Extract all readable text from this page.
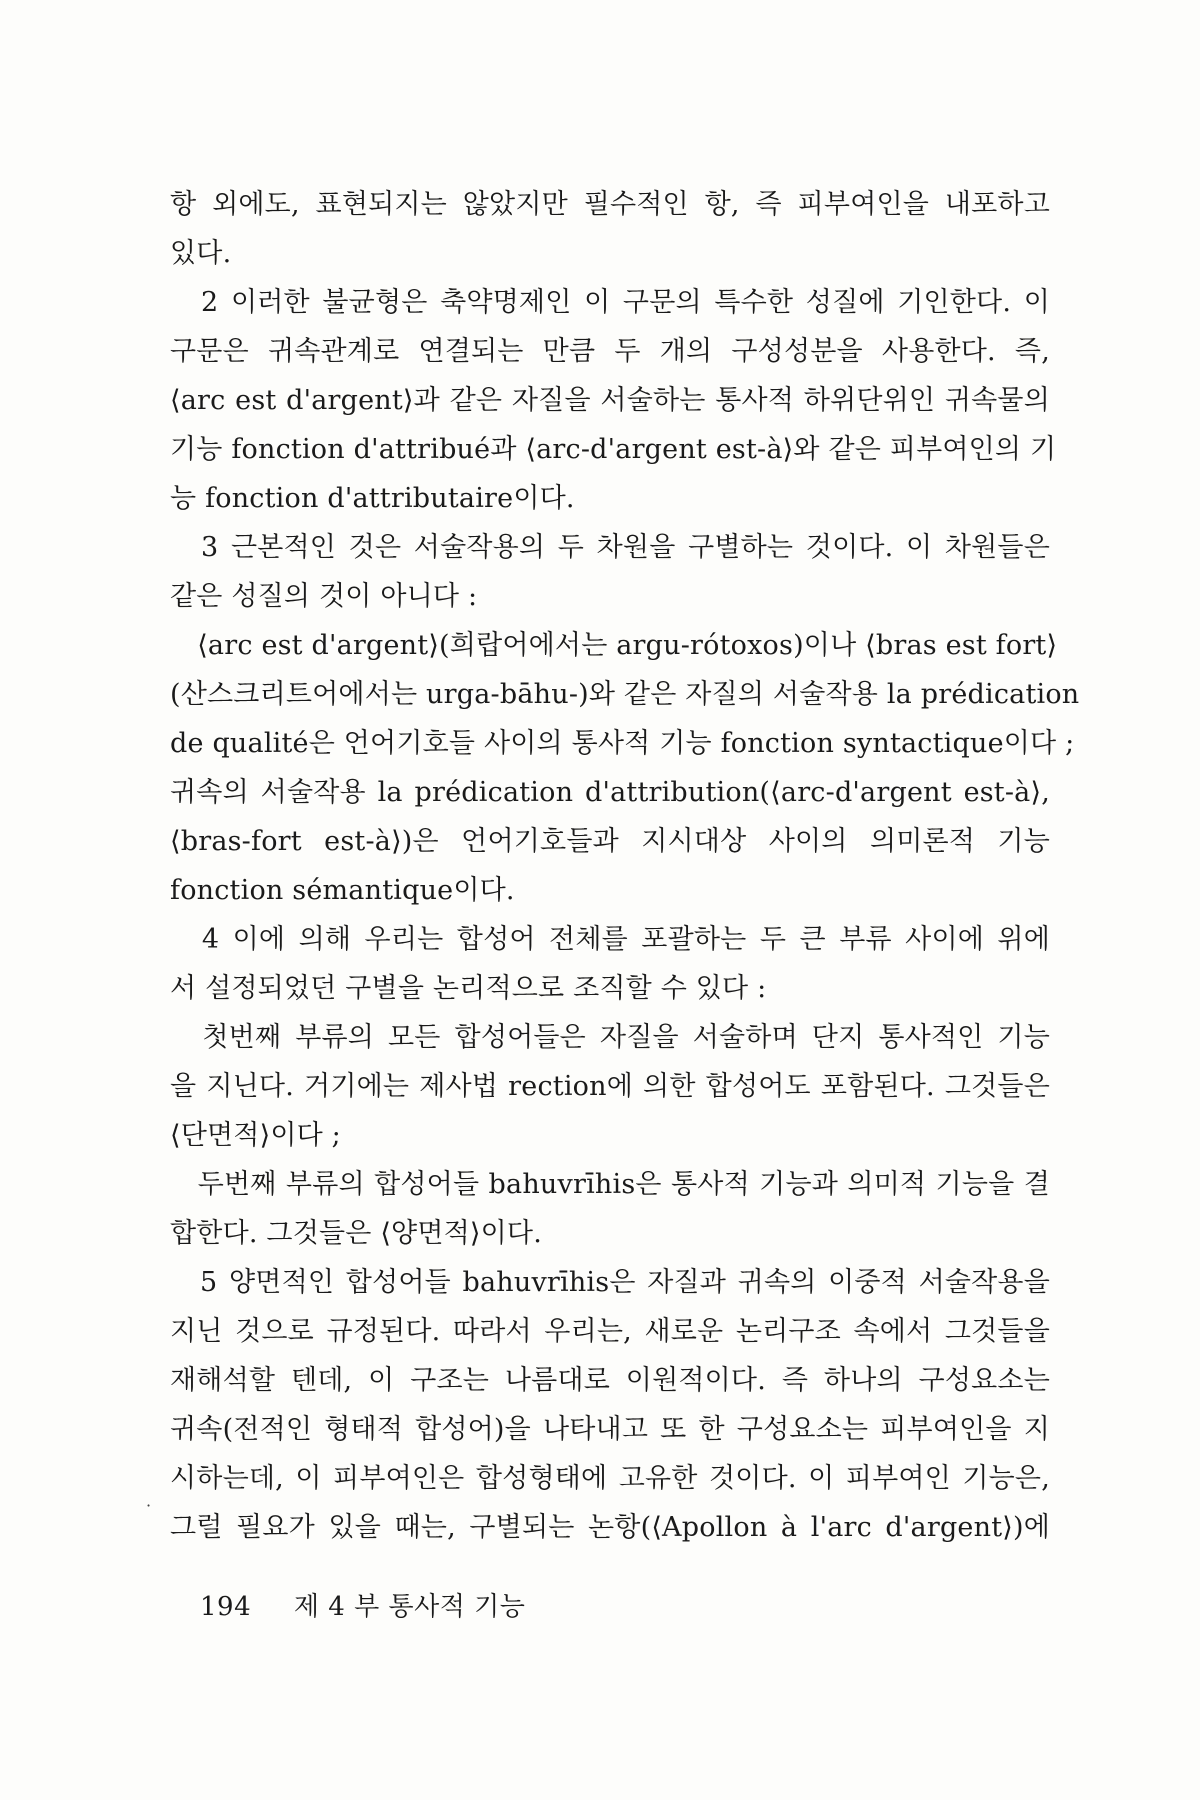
항 외에도, 표현되지는 않았지만 필수적인 항, 즉 피부여인을 내포하고
있다.
　2 이러한 불균형은 축약명제인 이 구문의 특수한 성질에 기인한다. 이
구문은 귀속관계로 연결되는 만큼 두 개의 구성성분을 사용한다. 즉,
⟨arc est d'argent⟩과 같은 자질을 서술하는 통사적 하위단위인 귀속물의
기능 fonction d'attribué과 ⟨arc-d'argent est-à⟩와 같은 피부여인의 기
능 fonction d'attributaire이다.
　3 근본적인 것은 서술작용의 두 차원을 구별하는 것이다. 이 차원들은
같은 성질의 것이 아니다 :
　⟨arc est d'argent⟩(희랍어에서는 argu-rótoxos)이나 ⟨bras est fort⟩
(산스크리트어에서는 urga-bāhu-)와 같은 자질의 서술작용 la prédication
de qualité은 언어기호들 사이의 통사적 기능 fonction syntactique이다 ;
귀속의 서술작용 la prédication d'attribution(⟨arc-d'argent est-à⟩,
⟨bras-fort est-à⟩)은 언어기호들과 지시대상 사이의 의미론적 기능
fonction sémantique이다.
　4 이에 의해 우리는 합성어 전체를 포괄하는 두 큰 부류 사이에 위에
서 설정되었던 구별을 논리적으로 조직할 수 있다 :
　첫번째 부류의 모든 합성어들은 자질을 서술하며 단지 통사적인 기능
을 지닌다. 거기에는 제사법 rection에 의한 합성어도 포함된다. 그것들은
⟨단면적⟩이다 ;
　두번째 부류의 합성어들 bahuvrīhis은 통사적 기능과 의미적 기능을 결
합한다. 그것들은 ⟨양면적⟩이다.
　5 양면적인 합성어들 bahuvrīhis은 자질과 귀속의 이중적 서술작용을
지닌 것으로 규정된다. 따라서 우리는, 새로운 논리구조 속에서 그것들을
재해석할 텐데, 이 구조는 나름대로 이원적이다. 즉 하나의 구성요소는
귀속(전적인 형태적 합성어)을 나타내고 또 한 구성요소는 피부여인을 지
시하는데, 이 피부여인은 합성형태에 고유한 것이다. 이 피부여인 기능은,
그럴 필요가 있을 때는, 구별되는 논항(⟨Apollon à l'arc d'argent⟩)에
·
194 제 4 부 통사적 기능
